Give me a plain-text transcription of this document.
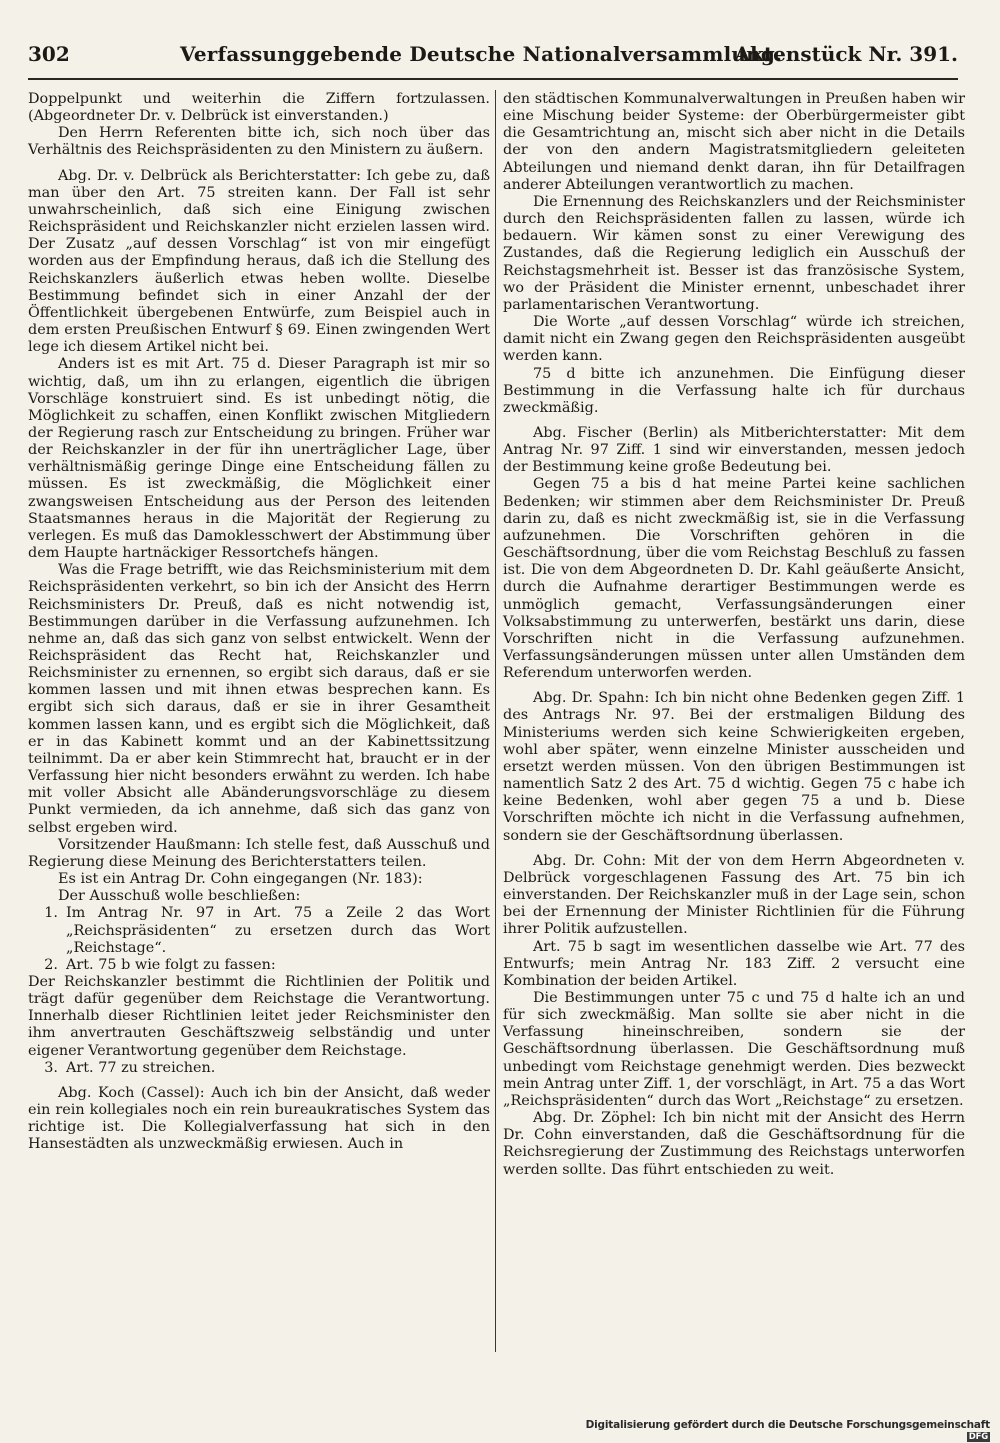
302	Verfassunggebende Deutsche Nationalversammlung.
Aktenstück Nr. 391.

Doppelpunkt und weiterhin die Ziffern fortzulassen. (Abgeordneter Dr. v. Delbrück ist einverstanden.)

Den Herrn Referenten bitte ich, sich noch über das Verhältnis des Reichspräsidenten zu den Ministern zu äußern.

Abg. Dr. v. Delbrück als Berichterstatter: Ich gebe zu, daß man über den Art. 75 streiten kann. Der Fall ist sehr unwahrscheinlich, daß sich eine Einigung zwischen Reichspräsident und Reichskanzler nicht erzielen lassen wird. Der Zusatz „auf dessen Vorschlag“ ist von mir eingefügt worden aus der Empfindung heraus, daß ich die Stellung des Reichskanzlers äußerlich etwas heben wollte. Dieselbe Bestimmung befindet sich in einer Anzahl der der Öffentlichkeit übergebenen Entwürfe, zum Beispiel auch in dem ersten Preußischen Entwurf § 69. Einen zwingenden Wert lege ich diesem Artikel nicht bei.

Anders ist es mit Art. 75 d. Dieser Paragraph ist mir so wichtig, daß, um ihn zu erlangen, eigentlich die übrigen Vorschläge konstruiert sind. Es ist unbedingt nötig, die Möglichkeit zu schaffen, einen Konflikt zwischen Mitgliedern der Regierung rasch zur Entscheidung zu bringen. Früher war der Reichskanzler in der für ihn unerträglicher Lage, über verhältnismäßig geringe Dinge eine Entscheidung fällen zu müssen. Es ist zweckmäßig, die Möglichkeit einer zwangsweisen Entscheidung aus der Person des leitenden Staatsmannes heraus in die Majorität der Regierung zu verlegen. Es muß das Damoklesschwert der Abstimmung über dem Haupte hartnäckiger Ressortchefs hängen.

Was die Frage betrifft, wie das Reichsministerium mit dem Reichspräsidenten verkehrt, so bin ich der Ansicht des Herrn Reichsministers Dr. Preuß, daß es nicht notwendig ist, Bestimmungen darüber in die Verfassung aufzunehmen. Ich nehme an, daß das sich ganz von selbst entwickelt. Wenn der Reichspräsident das Recht hat, Reichskanzler und Reichsminister zu ernennen, so ergibt sich daraus, daß er sie kommen lassen und mit ihnen etwas besprechen kann. Es ergibt sich sich daraus, daß er sie in ihrer Gesamtheit kommen lassen kann, und es ergibt sich die Möglichkeit, daß er in das Kabinett kommt und an der Kabinettssitzung teilnimmt. Da er aber kein Stimmrecht hat, braucht er in der Verfassung hier nicht besonders erwähnt zu werden. Ich habe mit voller Absicht alle Abänderungsvorschläge zu diesem Punkt vermieden, da ich annehme, daß sich das ganz von selbst ergeben wird.

Vorsitzender Haußmann: Ich stelle fest, daß Ausschuß und Regierung diese Meinung des Berichterstatters teilen.

Es ist ein Antrag Dr. Cohn eingegangen (Nr. 183):

Der Ausschuß wolle beschließen:

1. Im Antrag Nr. 97 in Art. 75 a Zeile 2 das Wort „Reichspräsidenten“ zu ersetzen durch das Wort „Reichstage“.
2. Art. 75 b wie folgt zu fassen:

Der Reichskanzler bestimmt die Richtlinien der Politik und trägt dafür gegenüber dem Reichstage die Verantwortung. Innerhalb dieser Richtlinien leitet jeder Reichsminister den ihm anvertrauten Geschäftszweig selbständig und unter eigener Verantwortung gegenüber dem Reichstage.

3. Art. 77 zu streichen.

Abg. Koch (Cassel): Auch ich bin der Ansicht, daß weder ein rein kollegiales noch ein rein bureaukratisches System das richtige ist. Die Kollegialverfassung hat sich in den Hansestädten als unzweckmäßig erwiesen. Auch in

den städtischen Kommunalverwaltungen in Preußen haben wir eine Mischung beider Systeme: der Oberbürgermeister gibt die Gesamtrichtung an, mischt sich aber nicht in die Details der von den andern Magistratsmitgliedern geleiteten Abteilungen und niemand denkt daran, ihn für Detailfragen anderer Abteilungen verantwortlich zu machen.

Die Ernennung des Reichskanzlers und der Reichsminister durch den Reichspräsidenten fallen zu lassen, würde ich bedauern. Wir kämen sonst zu einer Verewigung des Zustandes, daß die Regierung lediglich ein Ausschuß der Reichstagsmehrheit ist. Besser ist das französische System, wo der Präsident die Minister ernennt, unbeschadet ihrer parlamentarischen Verantwortung.

Die Worte „auf dessen Vorschlag“ würde ich streichen, damit nicht ein Zwang gegen den Reichspräsidenten ausgeübt werden kann.

75 d bitte ich anzunehmen. Die Einfügung dieser Bestimmung in die Verfassung halte ich für durchaus zweckmäßig.

Abg. Fischer (Berlin) als Mitberichterstatter: Mit dem Antrag Nr. 97 Ziff. 1 sind wir einverstanden, messen jedoch der Bestimmung keine große Bedeutung bei.

Gegen 75 a bis d hat meine Partei keine sachlichen Bedenken; wir stimmen aber dem Reichsminister Dr. Preuß darin zu, daß es nicht zweckmäßig ist, sie in die Verfassung aufzunehmen. Die Vorschriften gehören in die Geschäftsordnung, über die vom Reichstag Beschluß zu fassen ist. Die von dem Abgeordneten D. Dr. Kahl geäußerte Ansicht, durch die Aufnahme derartiger Bestimmungen werde es unmöglich gemacht, Verfassungsänderungen einer Volksabstimmung zu unterwerfen, bestärkt uns darin, diese Vorschriften nicht in die Verfassung aufzunehmen. Verfassungsänderungen müssen unter allen Umständen dem Referendum unterworfen werden.

Abg. Dr. Spahn: Ich bin nicht ohne Bedenken gegen Ziff. 1 des Antrags Nr. 97. Bei der erstmaligen Bildung des Ministeriums werden sich keine Schwierigkeiten ergeben, wohl aber später, wenn einzelne Minister ausscheiden und ersetzt werden müssen. Von den übrigen Bestimmungen ist namentlich Satz 2 des Art. 75 d wichtig. Gegen 75 c habe ich keine Bedenken, wohl aber gegen 75 a und b. Diese Vorschriften möchte ich nicht in die Verfassung aufnehmen, sondern sie der Geschäftsordnung überlassen.

Abg. Dr. Cohn: Mit der von dem Herrn Abgeordneten v. Delbrück vorgeschlagenen Fassung des Art. 75 bin ich einverstanden. Der Reichskanzler muß in der Lage sein, schon bei der Ernennung der Minister Richtlinien für die Führung ihrer Politik aufzustellen.

Art. 75 b sagt im wesentlichen dasselbe wie Art. 77 des Entwurfs; mein Antrag Nr. 183 Ziff. 2 versucht eine Kombination der beiden Artikel.

Die Bestimmungen unter 75 c und 75 d halte ich an und für sich zweckmäßig. Man sollte sie aber nicht in die Verfassung hineinschreiben, sondern sie der Geschäftsordnung überlassen. Die Geschäftsordnung muß unbedingt vom Reichstage genehmigt werden. Dies bezweckt mein Antrag unter Ziff. 1, der vorschlägt, in Art. 75 a das Wort „Reichspräsidenten“ durch das Wort „Reichstage“ zu ersetzen.

Abg. Dr. Zöphel: Ich bin nicht mit der Ansicht des Herrn Dr. Cohn einverstanden, daß die Geschäftsordnung für die Reichsregierung der Zustimmung des Reichstags unterworfen werden sollte. Das führt entschieden zu weit.

Digitalisierung gefördert durch die Deutsche Forschungsgemeinschaft DFG
